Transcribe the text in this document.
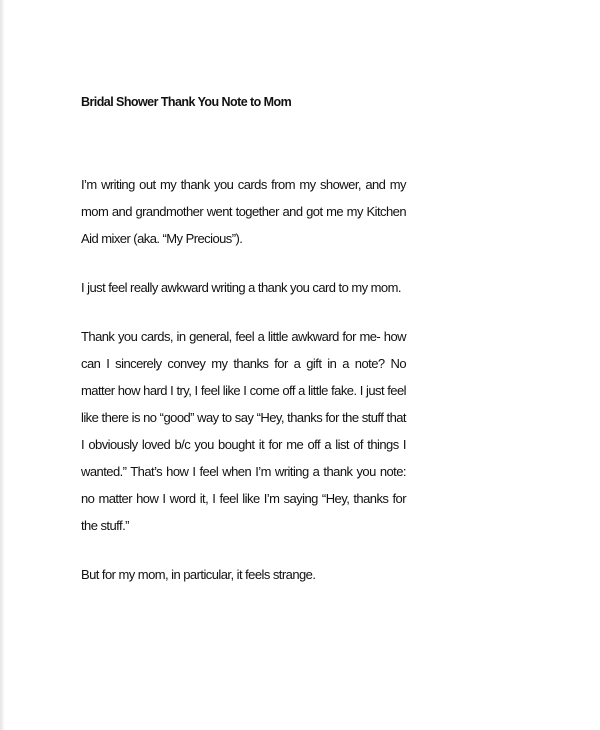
Bridal Shower Thank You Note to Mom

I’m writing out my thank you cards from my shower, and my mom and grandmother went together and got me my Kitchen Aid mixer (aka. “My Precious”).

I just feel really awkward writing a thank you card to my mom.

Thank you cards, in general, feel a little awkward for me- how can I sincerely convey my thanks for a gift in a note? No matter how hard I try, I feel like I come off a little fake. I just feel like there is no “good” way to say “Hey, thanks for the stuff that I obviously loved b/c you bought it for me off a list of things I wanted.” That’s how I feel when I’m writing a thank you note: no matter how I word it, I feel like I’m saying “Hey, thanks for the stuff.”

But for my mom, in particular, it feels strange.
